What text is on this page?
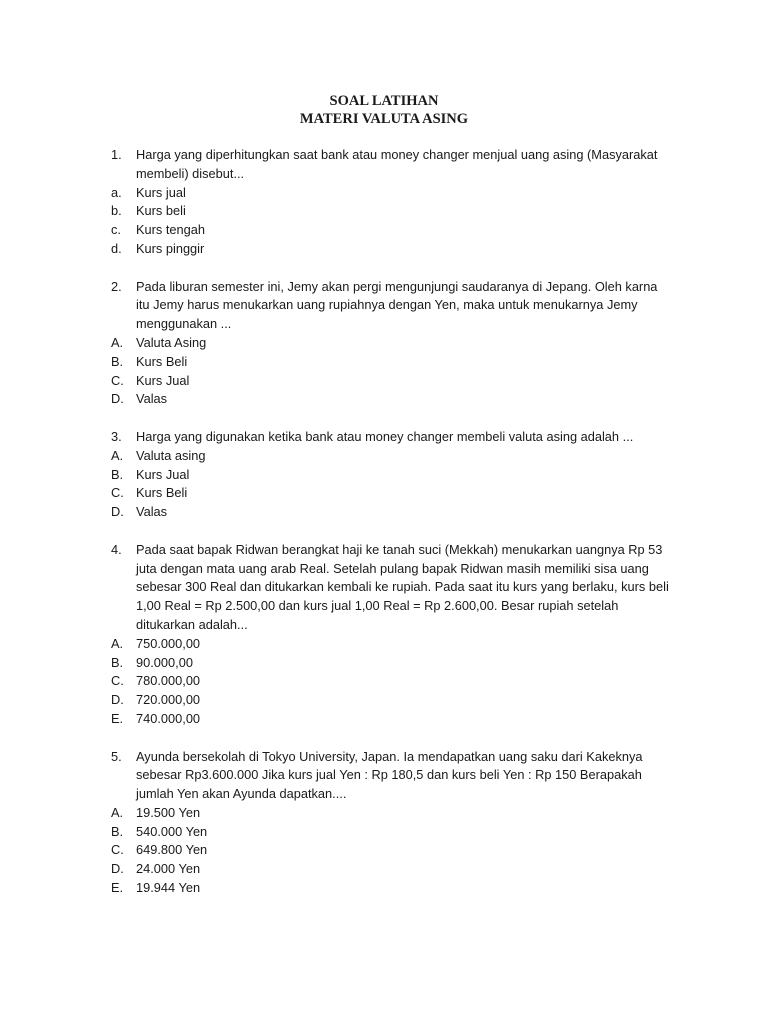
SOAL LATIHAN
MATERI VALUTA ASING
1.	Harga yang diperhitungkan saat bank atau money changer menjual uang asing (Masyarakat membeli) disebut...
a.	Kurs jual
b.	Kurs beli
c.	Kurs tengah
d.	Kurs pinggir
2.	Pada liburan semester ini, Jemy akan pergi mengunjungi saudaranya di Jepang. Oleh karna itu Jemy harus menukarkan uang rupiahnya dengan Yen, maka untuk menukarnya Jemy menggunakan ...
A.	Valuta Asing
B.	Kurs Beli
C. Kurs Jual
D. Valas
3.	Harga yang digunakan ketika bank atau money changer membeli valuta asing adalah ...
A.	Valuta asing
B.	Kurs Jual
C. Kurs Beli
D. Valas
4.	Pada saat bapak Ridwan berangkat haji ke tanah suci (Mekkah) menukarkan uangnya Rp 53 juta dengan mata uang arab Real. Setelah pulang bapak Ridwan masih memiliki sisa uang sebesar 300 Real dan ditukarkan kembali ke rupiah. Pada saat itu kurs yang berlaku, kurs beli 1,00 Real = Rp 2.500,00 dan kurs jual 1,00 Real = Rp 2.600,00. Besar rupiah setelah ditukarkan adalah...
A.	750.000,00
B.	90.000,00
C. 780.000,00
D. 720.000,00
E.	740.000,00
5.	Ayunda bersekolah di Tokyo University, Japan. Ia mendapatkan uang saku dari Kakeknya sebesar Rp3.600.000 Jika kurs jual Yen : Rp 180,5 dan kurs beli Yen : Rp 150 Berapakah jumlah Yen akan Ayunda dapatkan....
A.	19.500 Yen
B.	540.000 Yen
C. 649.800 Yen
D. 24.000 Yen
E.	19.944 Yen
